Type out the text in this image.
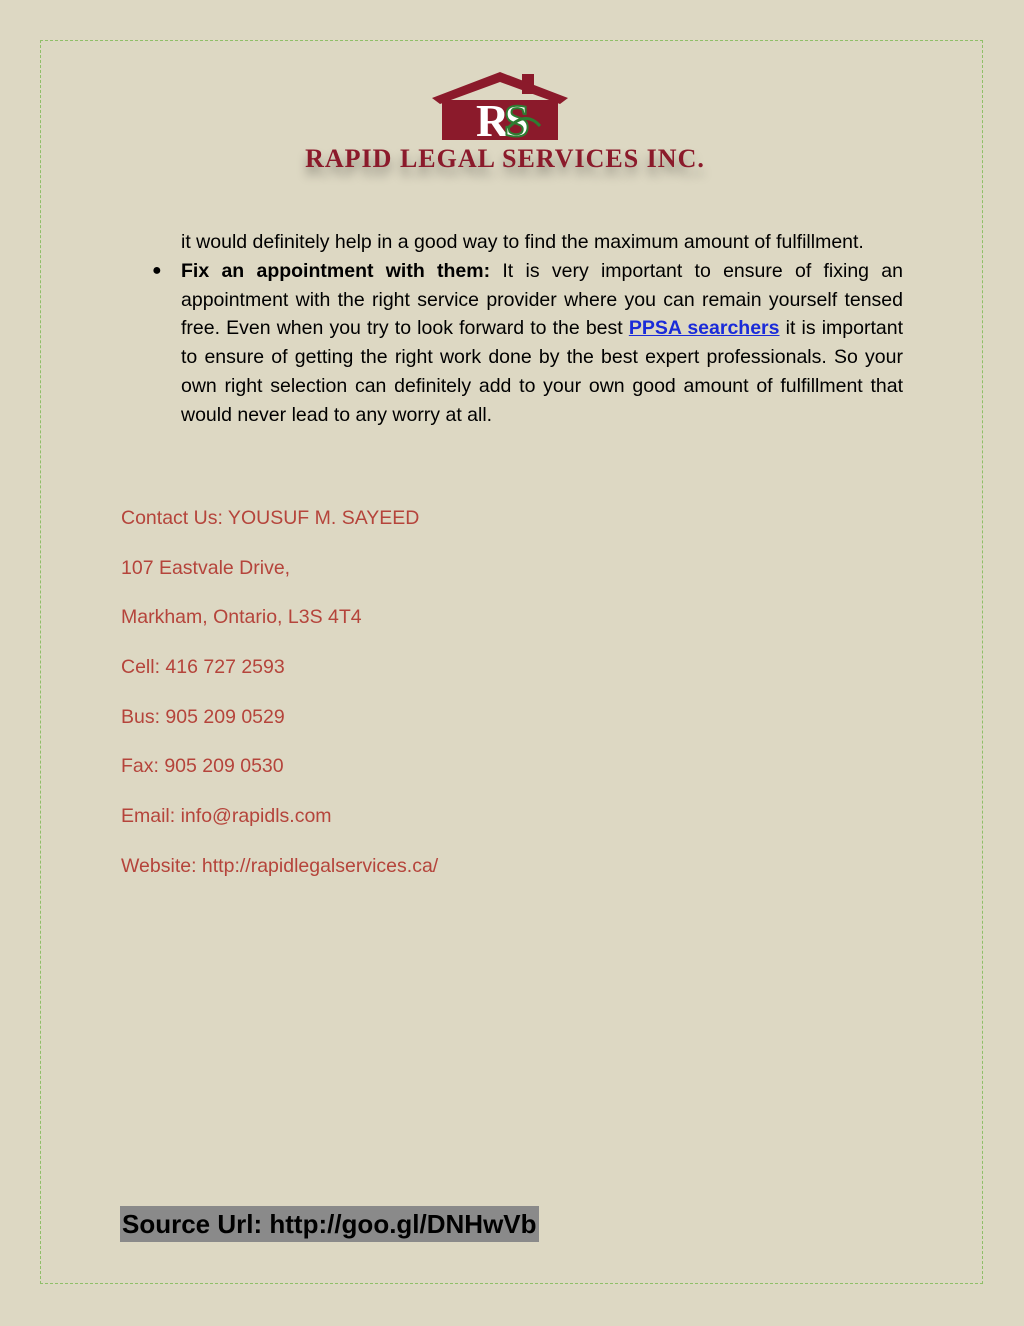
R
S
RAPID LEGAL SERVICES INC.

it would definitely help in a good way to find the maximum amount of fulfillment.

● Fix an appointment with them: It is very important to ensure of fixing an appointment with the right service provider where you can remain yourself tensed free. Even when you try to look forward to the best PPSA searchers it is important to ensure of getting the right work done by the best expert professionals. So your own right selection can definitely add to your own good amount of fulfillment that would never lead to any worry at all.

Contact Us: YOUSUF M. SAYEED

107 Eastvale Drive,

Markham, Ontario, L3S 4T4

Cell: 416 727 2593

Bus: 905 209 0529

Fax: 905 209 0530

Email: info@rapidls.com

Website: http://rapidlegalservices.ca/

Source Url: http://goo.gl/DNHwVb
